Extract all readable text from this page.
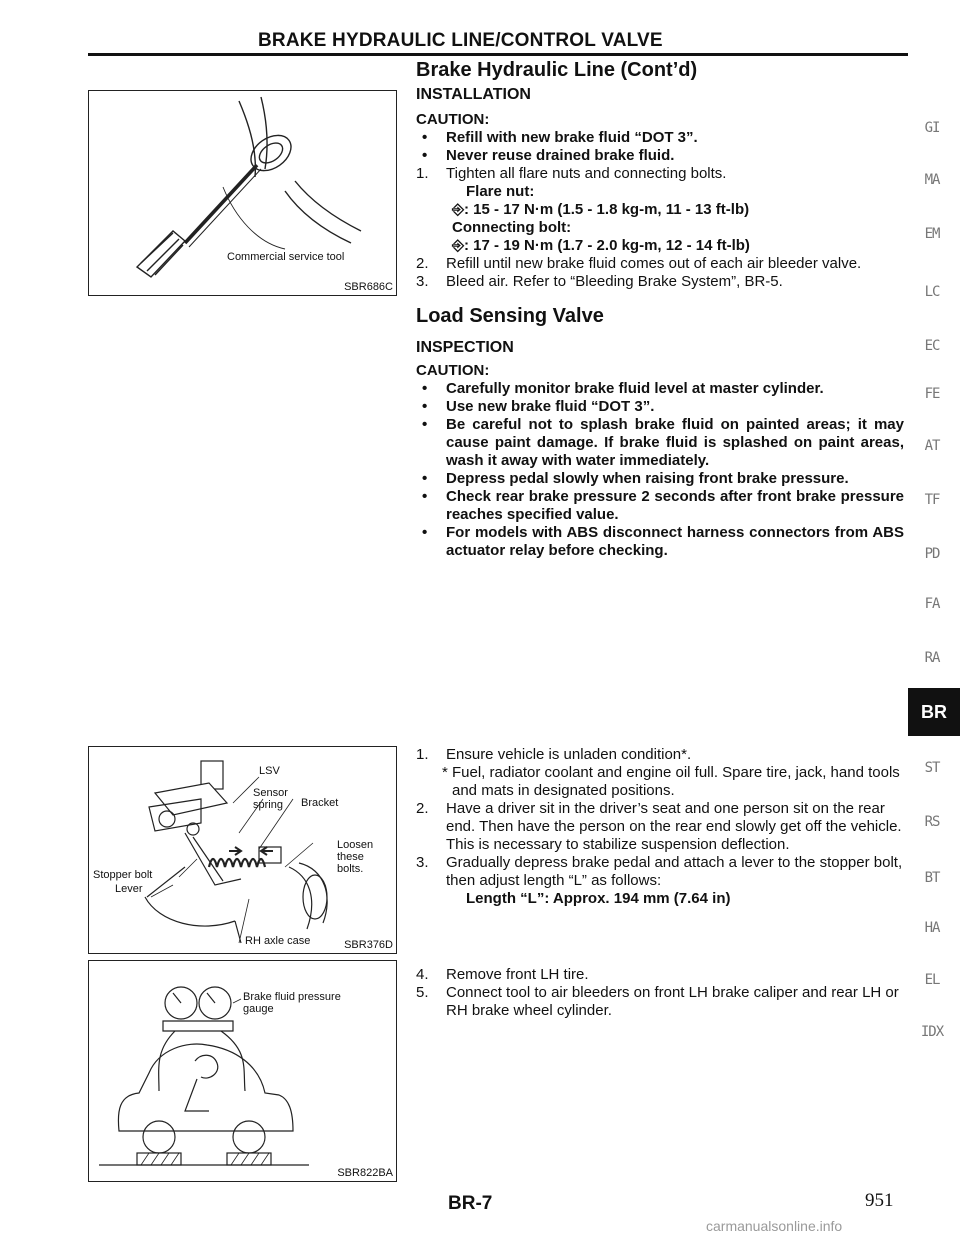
BRAKE HYDRAULIC LINE/CONTROL VALVE
Commercial service tool
SBR686C
Brake Hydraulic Line (Cont’d)
INSTALLATION
CAUTION:
• Refill with new brake fluid “DOT 3”.
• Never reuse drained brake fluid.
1. Tighten all flare nuts and connecting bolts.
Flare nut:
⎆: 15 - 17 N·m (1.5 - 1.8 kg-m, 11 - 13 ft-lb)
Connecting bolt:
⎆: 17 - 19 N·m (1.7 - 2.0 kg-m, 12 - 14 ft-lb)
2. Refill until new brake fluid comes out of each air bleeder valve.
3. Bleed air. Refer to “Bleeding Brake System”, BR-5.
Load Sensing Valve
INSPECTION
CAUTION:
• Carefully monitor brake fluid level at master cylinder.
• Use new brake fluid “DOT 3”.
• Be careful not to splash brake fluid on painted areas; it may cause paint damage. If brake fluid is splashed on paint areas, wash it away with water immediately.
• Depress pedal slowly when raising front brake pressure.
• Check rear brake pressure 2 seconds after front brake pressure reaches specified value.
• For models with ABS disconnect harness connectors from ABS actuator relay before checking.
LSV
Sensor spring	Bracket
Loosen these bolts.
Stopper bolt
Lever
RH axle case	SBR376D
1. Ensure vehicle is unladen condition*.
* Fuel, radiator coolant and engine oil full. Spare tire, jack, hand tools and mats in designated positions.
2. Have a driver sit in the driver’s seat and one person sit on the rear end. Then have the person on the rear end slowly get off the vehicle. This is necessary to stabilize suspension deflection.
3. Gradually depress brake pedal and attach a lever to the stopper bolt, then adjust length “L” as follows:
Length “L”: Approx. 194 mm (7.64 in)
Brake fluid pressure gauge
SBR822BA
4. Remove front LH tire.
5. Connect tool to air bleeders on front LH brake caliper and rear LH or RH brake wheel cylinder.
GI
MA
EM
LC
EC
FE
AT
TF
PD
FA
RA
BR
ST
RS
BT
HA
EL
IDX
BR-7	951
carmanualsonline.info
